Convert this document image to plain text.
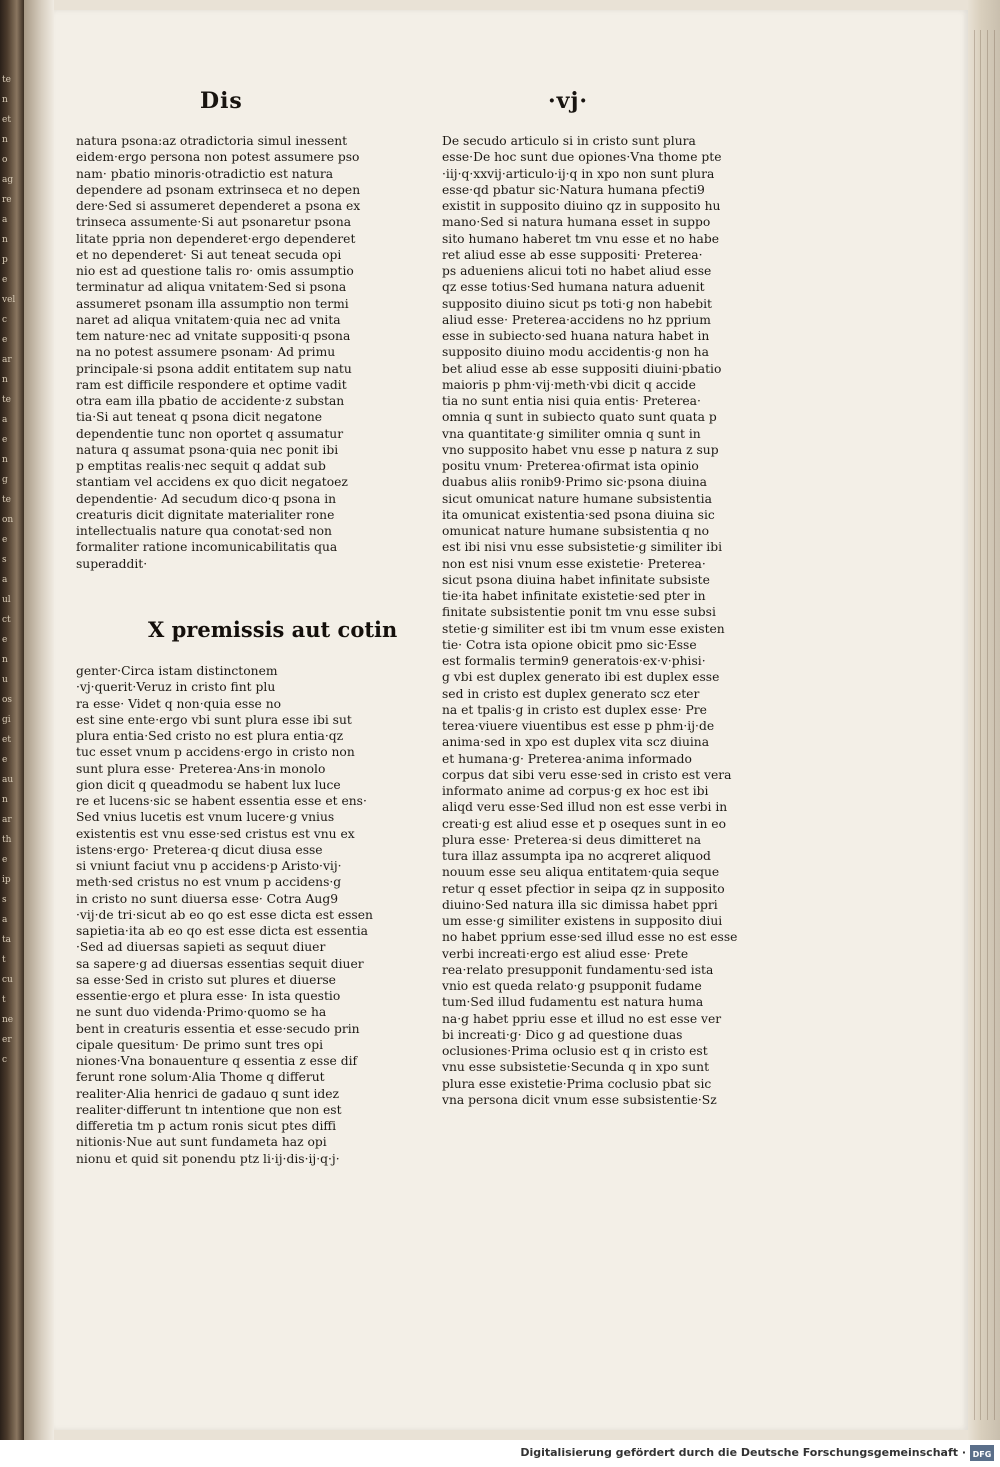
te
n
et
n
o
ag
re
a
n
p
e
vel
c
e
ar
n
te
a
e
n
g
te
on
e
s
a
ul
ct
e
n
u
os
gi
et
e
au
n
ar
th
e
ip
s
a
ta
t
cu
t
ne
er
c
Dis	·vj·
natura psona:az otradictoria simul inessent
eidem·ergo persona non potest assumere pso
nam· pbatio minoris·otradictio est natura
dependere ad psonam extrinseca et no depen
dere·Sed si assumeret dependeret a psona ex
trinseca assumente·Si aut psonaretur psona
litate ppria non dependeret·ergo dependeret
et no dependeret· Si aut teneat secuda opi
nio est ad questione talis ro· omis assumptio
terminatur ad aliqua vnitatem·Sed si psona
assumeret psonam illa assumptio non termi
naret ad aliqua vnitatem·quia nec ad vnita
tem nature·nec ad vnitate suppositi·q psona
na no potest assumere psonam· Ad primu
principale·si psona addit entitatem sup natu
ram est difficile respondere et optime vadit
otra eam illa pbatio de accidente·z substan
tia·Si aut teneat q psona dicit negatone
dependentie tunc non oportet q assumatur
natura q assumat psona·quia nec ponit ibi
p emptitas realis·nec sequit q addat sub
stantiam vel accidens ex quo dicit negatoez
dependentie· Ad secudum dico·q psona in
creaturis dicit dignitate materialiter rone
intellectualis nature qua conotat·sed non
formaliter ratione incomunicabilitatis qua
superaddit·
X premissis aut cotin
genter·Circa istam distinctonem
·vj·querit·Veruz in cristo fint plu
ra esse· Videt q non·quia esse no
est sine ente·ergo vbi sunt plura esse ibi sut
plura entia·Sed cristo no est plura entia·qz
tuc esset vnum p accidens·ergo in cristo non
sunt plura esse· Preterea·Ans·in monolo
gion dicit q queadmodu se habent lux luce
re et lucens·sic se habent essentia esse et ens·
Sed vnius lucetis est vnum lucere·g vnius
existentis est vnu esse·sed cristus est vnu ex
istens·ergo· Preterea·q dicut diusa esse
si vniunt faciut vnu p accidens·p Aristo·vij·
meth·sed cristus no est vnum p accidens·g
in cristo no sunt diuersa esse· Cotra Aug9
·vij·de tri·sicut ab eo qo est esse dicta est essen
sapietia·ita ab eo qo est esse dicta est essentia
·Sed ad diuersas sapieti as sequut diuer
sa sapere·g ad diuersas essentias sequit diuer
sa esse·Sed in cristo sut plures et diuerse
essentie·ergo et plura esse· In ista questio
ne sunt duo videnda·Primo·quomo se ha
bent in creaturis essentia et esse·secudo prin
cipale quesitum· De primo sunt tres opi
niones·Vna bonauenture q essentia z esse dif
ferunt rone solum·Alia Thome q differut
realiter·Alia henrici de gadauo q sunt idez
realiter·differunt tn intentione que non est
differetia tm p actum ronis sicut ptes diffi
nitionis·Nue aut sunt fundameta haz opi
nionu et quid sit ponendu ptz li·ij·dis·ij·q·j·
De secudo articulo si in cristo sunt plura
esse·De hoc sunt due opiones·Vna thome pte
·iij·q·xxvij·articulo·ij·q in xpo non sunt plura
esse·qd pbatur sic·Natura humana pfecti9
existit in supposito diuino qz in supposito hu
mano·Sed si natura humana esset in suppo
sito humano haberet tm vnu esse et no habe
ret aliud esse ab esse suppositi· Preterea·
ps adueniens alicui toti no habet aliud esse
qz esse totius·Sed humana natura aduenit
supposito diuino sicut ps toti·g non habebit
aliud esse· Preterea·accidens no hz pprium
esse in subiecto·sed huana natura habet in
supposito diuino modu accidentis·g non ha
bet aliud esse ab esse suppositi diuini·pbatio
maioris p phm·vij·meth·vbi dicit q accide
tia no sunt entia nisi quia entis· Preterea·
omnia q sunt in subiecto quato sunt quata p
vna quantitate·g similiter omnia q sunt in
vno supposito habet vnu esse p natura z sup
positu vnum· Preterea·ofirmat ista opinio
duabus aliis ronib9·Primo sic·psona diuina
sicut omunicat nature humane subsistentia
ita omunicat existentia·sed psona diuina sic
omunicat nature humane subsistentia q no
est ibi nisi vnu esse subsistetie·g similiter ibi
non est nisi vnum esse existetie· Preterea·
sicut psona diuina habet infinitate subsiste
tie·ita habet infinitate existetie·sed pter in
finitate subsistentie ponit tm vnu esse subsi
stetie·g similiter est ibi tm vnum esse existen
tie· Cotra ista opione obicit pmo sic·Esse
est formalis termin9 generatois·ex·v·phisi·
g vbi est duplex generato ibi est duplex esse
sed in cristo est duplex generato scz eter
na et tpalis·g in cristo est duplex esse· Pre
terea·viuere viuentibus est esse p phm·ij·de
anima·sed in xpo est duplex vita scz diuina
et humana·g· Preterea·anima informado
corpus dat sibi veru esse·sed in cristo est vera
informato anime ad corpus·g ex hoc est ibi
aliqd veru esse·Sed illud non est esse verbi in
creati·g est aliud esse et p oseques sunt in eo
plura esse· Preterea·si deus dimitteret na
tura illaz assumpta ipa no acqreret aliquod
nouum esse seu aliqua entitatem·quia seque
retur q esset pfectior in seipa qz in supposito
diuino·Sed natura illa sic dimissa habet ppri
um esse·g similiter existens in supposito diui
no habet pprium esse·sed illud esse no est esse
verbi increati·ergo est aliud esse· Prete
rea·relato presupponit fundamentu·sed ista
vnio est queda relato·g psupponit fudame
tum·Sed illud fudamentu est natura huma
na·g habet ppriu esse et illud no est esse ver
bi increati·g· Dico g ad questione duas
oclusiones·Prima oclusio est q in cristo est
vnu esse subsistetie·Secunda q in xpo sunt
plura esse existetie·Prima coclusio pbat sic
vna persona dicit vnum esse subsistentie·Sz
Digitalisierung gefördert durch die Deutsche Forschungsgemeinschaft · DFG
